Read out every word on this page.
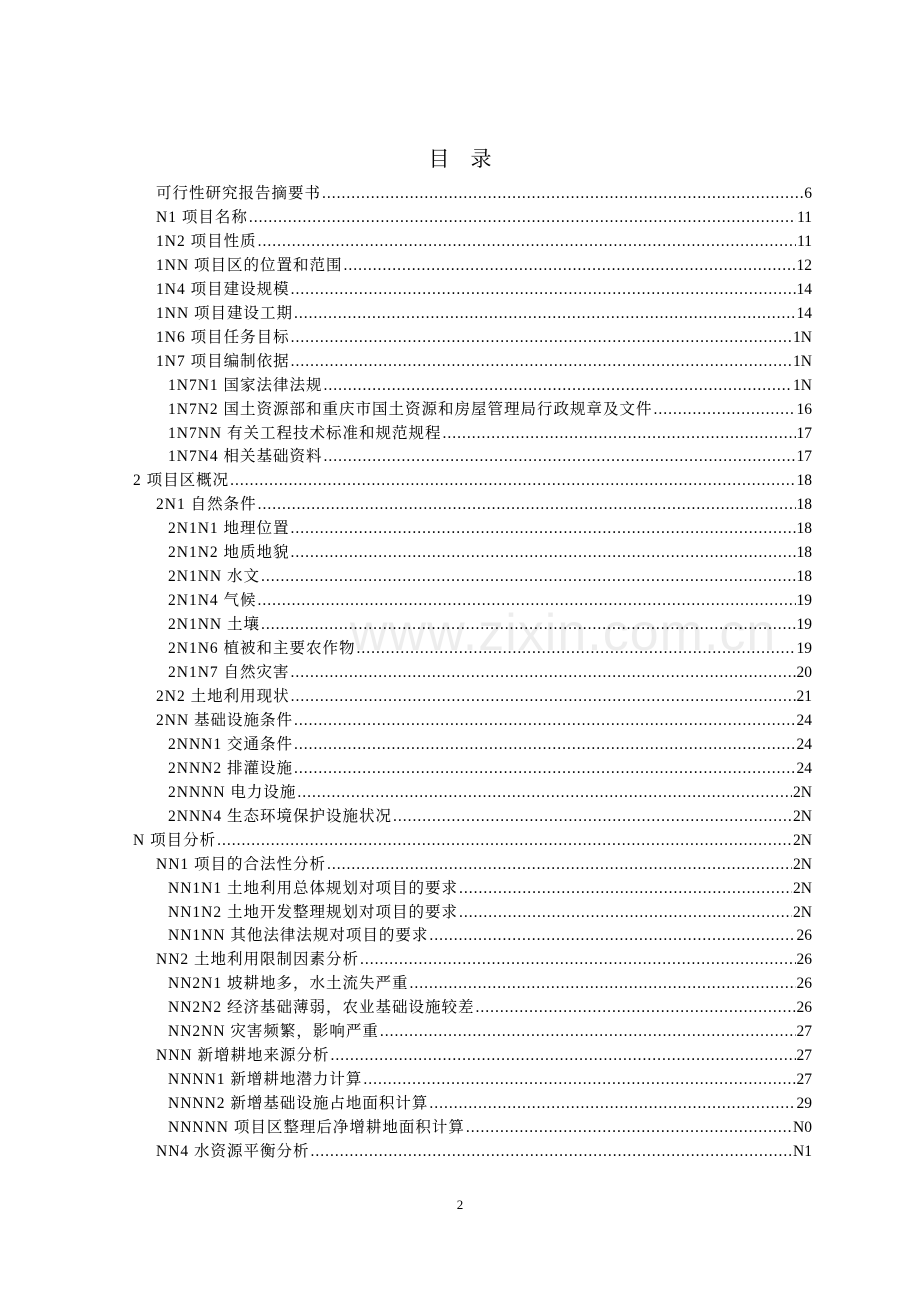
目　录
www.zixin.com.cn
可行性研究报告摘要书 .....	6
N1 项目名称 .....	11
1N2 项目性质 .....	11
1NN 项目区的位置和范围 .....	12
1N4 项目建设规模 .....	14
1NN 项目建设工期 .....	14
1N6 项目任务目标 .....	1N
1N7 项目编制依据 .....	1N
1N7N1 国家法律法规 .....	1N
1N7N2 国土资源部和重庆市国土资源和房屋管理局行政规章及文件 .....	16
1N7NN 有关工程技术标准和规范规程 .....	17
1N7N4 相关基础资料 .....	17
2 项目区概况 .....	18
2N1 自然条件 .....	18
2N1N1 地理位置 .....	18
2N1N2 地质地貌 .....	18
2N1NN 水文 .....	18
2N1N4 气候 .....	19
2N1NN 土壤 .....	19
2N1N6 植被和主要农作物 .....	19
2N1N7 自然灾害 .....	20
2N2 土地利用现状 .....	21
2NN 基础设施条件 .....	24
2NNN1 交通条件 .....	24
2NNN2 排灌设施 .....	24
2NNNN 电力设施 .....	2N
2NNN4 生态环境保护设施状况 .....	2N
N 项目分析 .....	2N
NN1 项目的合法性分析 .....	2N
NN1N1 土地利用总体规划对项目的要求 .....	2N
NN1N2 土地开发整理规划对项目的要求 .....	2N
NN1NN 其他法律法规对项目的要求 .....	26
NN2 土地利用限制因素分析 .....	26
NN2N1 坡耕地多，水土流失严重 .....	26
NN2N2 经济基础薄弱，农业基础设施较差 .....	26
NN2NN 灾害频繁，影响严重 .....	27
NNN 新增耕地来源分析 .....	27
NNNN1 新增耕地潜力计算 .....	27
NNNN2 新增基础设施占地面积计算 .....	29
NNNNN 项目区整理后净增耕地面积计算 .....	N0
NN4 水资源平衡分析 .....	N1
2
